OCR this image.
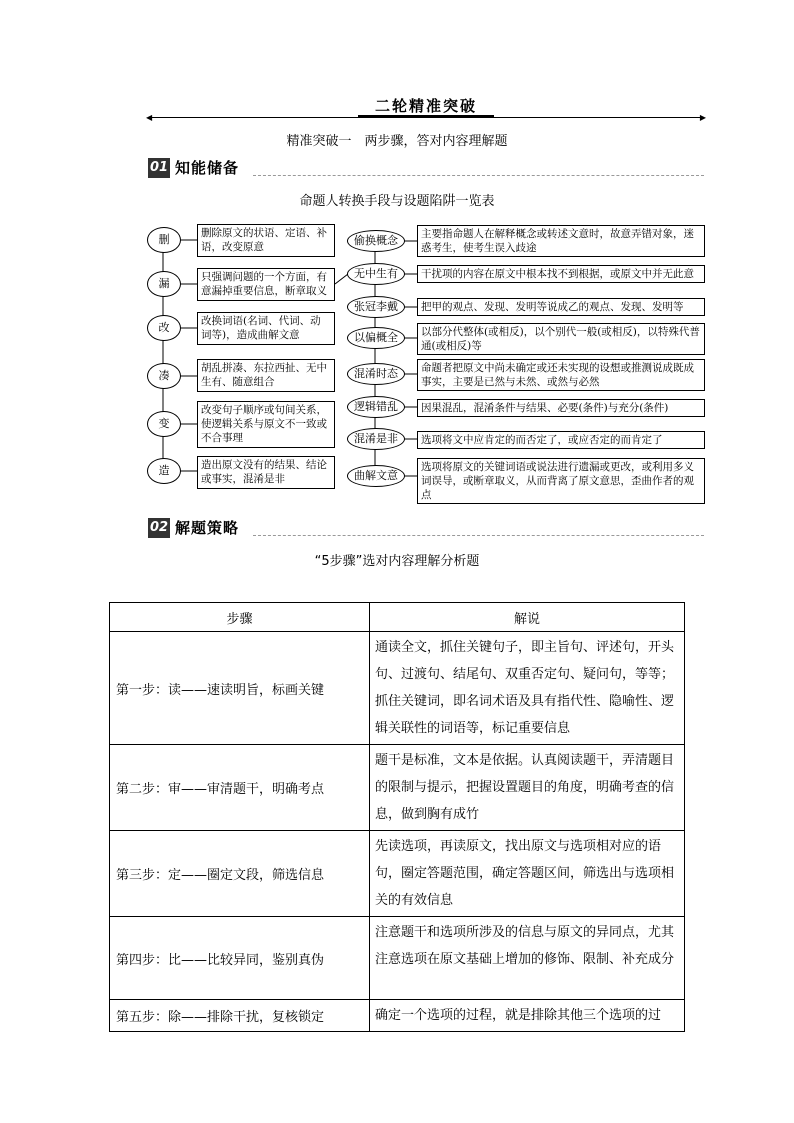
二轮精准突破
◀	▶
精准突破一　两步骤，答对内容理解题
01 知能储备
命题人转换手段与设题陷阱一览表
删
漏
改
凑
变
造
删除原文的状语、定语、补语，改变原意
只强调问题的一个方面，有意漏掉重要信息，断章取义
改换词语(名词、代词、动词等)，造成曲解文意
胡乱拼凑、东拉西扯、无中生有、随意组合
改变句子顺序或句间关系，使逻辑关系与原文不一致或不合事理
造出原文没有的结果、结论或事实，混淆是非
偷换概念
无中生有
张冠李戴
以偏概全
混淆时态
逻辑错乱
混淆是非
曲解文意
主要指命题人在解释概念或转述文意时，故意弄错对象，迷惑考生，使考生误入歧途
干扰项的内容在原文中根本找不到根据，或原文中并无此意
把甲的观点、发现、发明等说成乙的观点、发现、发明等
以部分代整体(或相反)，以个别代一般(或相反)，以特殊代普通(或相反)等
命题者把原文中尚未确定或还未实现的设想或推测说成既成事实，主要是已然与未然、或然与必然
因果混乱，混淆条件与结果、必要(条件)与充分(条件)
选项将文中应肯定的而否定了，或应否定的而肯定了
选项将原文的关键词语或说法进行遗漏或更改，或利用多义词误导，或断章取义，从而背离了原文意思，歪曲作者的观点
02 解题策略
“5步骤”选对内容理解分析题
步骤	解说
第一步：读——速读明旨，标画关键	通读全文，抓住关键句子，即主旨句、评述句，开头句、过渡句、结尾句、双重否定句、疑问句，等等；抓住关键词，即名词术语及具有指代性、隐喻性、逻辑关联性的词语等，标记重要信息
第二步：审——审清题干，明确考点	题干是标准，文本是依据。认真阅读题干，弄清题目的限制与提示，把握设置题目的角度，明确考查的信息，做到胸有成竹
第三步：定——圈定文段，筛选信息	先读选项，再读原文，找出原文与选项相对应的语句，圈定答题范围，确定答题区间，筛选出与选项相关的有效信息
第四步：比——比较异同，鉴别真伪	注意题干和选项所涉及的信息与原文的异同点，尤其注意选项在原文基础上增加的修饰、限制、补充成分
第五步：除——排除干扰，复核锁定	确定一个选项的过程，就是排除其他三个选项的过
